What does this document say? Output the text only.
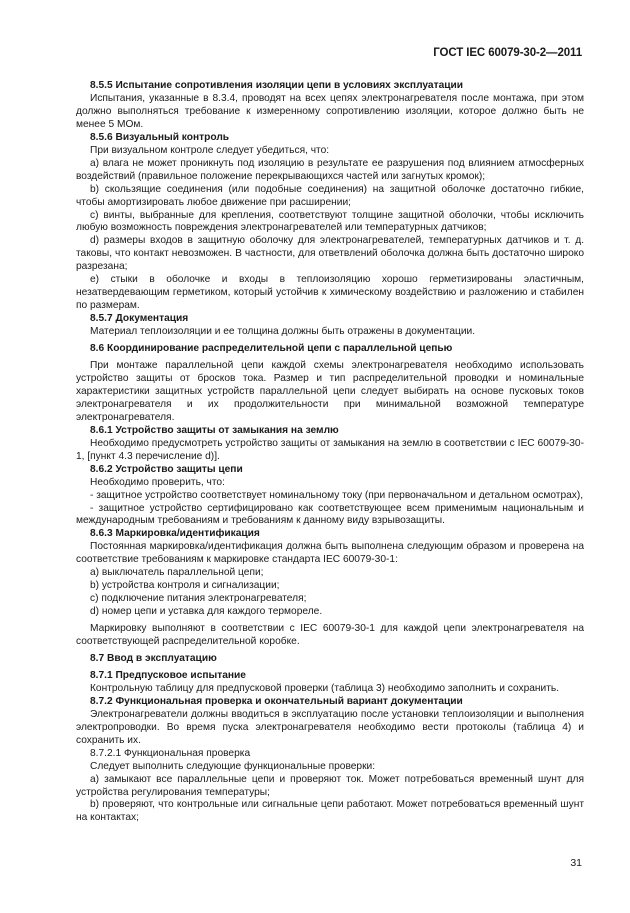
ГОСТ IEC 60079-30-2—2011

8.5.5 Испытание сопротивления изоляции цепи в условиях эксплуатации

Испытания, указанные в 8.3.4, проводят на всех цепях электронагревателя после монтажа, при этом должно выполняться требование к измеренному сопротивлению изоляции, которое должно быть не менее 5 МОм.

8.5.6 Визуальный контроль

При визуальном контроле следует убедиться, что:

a) влага не может проникнуть под изоляцию в результате ее разрушения под влиянием атмосферных воздействий (правильное положение перекрывающихся частей или загнутых кромок);

b) скользящие соединения (или подобные соединения) на защитной оболочке достаточно гибкие, чтобы амортизировать любое движение при расширении;

c) винты, выбранные для крепления, соответствуют толщине защитной оболочки, чтобы исключить любую возможность повреждения электронагревателей или температурных датчиков;

d) размеры входов в защитную оболочку для электронагревателей, температурных датчиков и т. д. таковы, что контакт невозможен. В частности, для ответвлений оболочка должна быть достаточно широко разрезана;

e) стыки в оболочке и входы в теплоизоляцию хорошо герметизированы эластичным, незатвердевающим герметиком, который устойчив к химическому воздействию и разложению и стабилен по размерам.

8.5.7 Документация

Материал теплоизоляции и ее толщина должны быть отражены в документации.

8.6 Координирование распределительной цепи с параллельной цепью

При монтаже параллельной цепи каждой схемы электронагревателя необходимо использовать устройство защиты от бросков тока. Размер и тип распределительной проводки и номинальные характеристики защитных устройств параллельной цепи следует выбирать на основе пусковых токов электронагревателя и их продолжительности при минимальной возможной температуре электронагревателя.

8.6.1 Устройство защиты от замыкания на землю

Необходимо предусмотреть устройство защиты от замыкания на землю в соответствии с IEC 60079-30-1, [пункт 4.3 перечисление d)].

8.6.2 Устройство защиты цепи

Необходимо проверить, что:

- защитное устройство соответствует номинальному току (при первоначальном и детальном осмотрах),

- защитное устройство сертифицировано как соответствующее всем применимым национальным и международным требованиям и требованиям к данному виду взрывозащиты.

8.6.3 Маркировка/идентификация

Постоянная маркировка/идентификация должна быть выполнена следующим образом и проверена на соответствие требованиям к маркировке стандарта IEC 60079-30-1:

a) выключатель параллельной цепи;

b) устройства контроля и сигнализации;

c) подключение питания электронагревателя;

d) номер цепи и уставка для каждого термореле.

Маркировку выполняют в соответствии с IEC 60079-30-1 для каждой цепи электронагревателя на соответствующей распределительной коробке.

8.7 Ввод в эксплуатацию

8.7.1 Предпусковое испытание

Контрольную таблицу для предпусковой проверки (таблица 3) необходимо заполнить и сохранить.

8.7.2 Функциональная проверка и окончательный вариант документации

Электронагреватели должны вводиться в эксплуатацию после установки теплоизоляции и выполнения электропроводки. Во время пуска электронагревателя необходимо вести протоколы (таблица 4) и сохранить их.

8.7.2.1 Функциональная проверка

Следует выполнить следующие функциональные проверки:

a) замыкают все параллельные цепи и проверяют ток. Может потребоваться временный шунт для устройства регулирования температуры;

b) проверяют, что контрольные или сигнальные цепи работают. Может потребоваться временный шунт на контактах;

31
